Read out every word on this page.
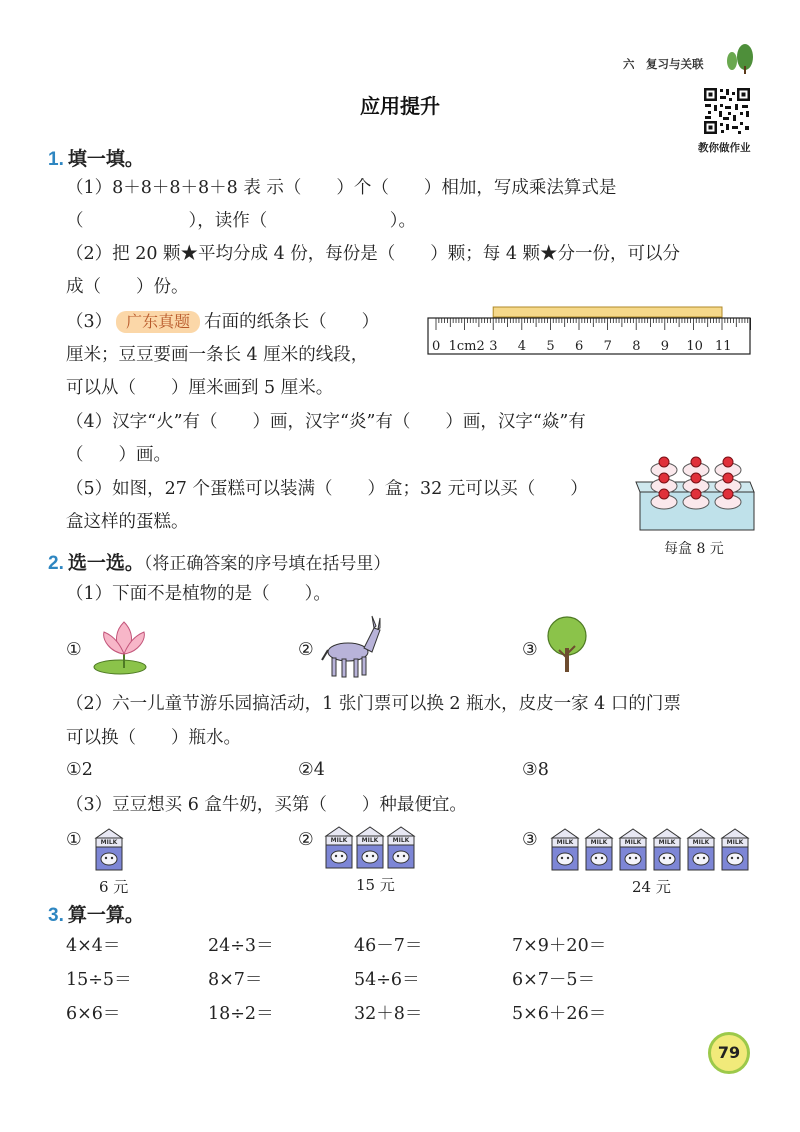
六　复习与关联
应用提升
教你做作业
1. 填一填。
（1）8＋8＋8＋8＋8 表 示（　　）个（　　）相加，写成乘法算式是
（　　　　　　），读作（　　　　　　　）。
（2）把 20 颗★平均分成 4 份，每份是（　　）颗；每 4 颗★分一份，可以分
成（　　）份。
（3） 广东真题 右面的纸条长（　　）
厘米；豆豆要画一条长 4 厘米的线段，
可以从（　　）厘米画到 5 厘米。
0 1cm2 3 4 5 6 7 8 9 10 11
（4）汉字“火”有（　　）画，汉字“炎”有（　　）画，汉字“焱”有
（　　）画。
（5）如图，27 个蛋糕可以装满（　　）盒；32 元可以买（　　）
盒这样的蛋糕。
每盒 8 元
2. 选一选。（将正确答案的序号填在括号里）
（1）下面不是植物的是（　　）。
①	②	③
（2）六一儿童节游乐园搞活动，1 张门票可以换 2 瓶水，皮皮一家 4 口的门票
可以换（　　）瓶水。
①2	②4	③8
（3）豆豆想买 6 盒牛奶，买第（　　）种最便宜。
①	②	③
MILK	MILK	MILK	MILK	MILK	MILK	MILK	MILK	MILK	MILK
6 元	15 元	24 元
3. 算一算。
4×4＝	24÷3＝	46－7＝	7×9＋20＝
15÷5＝	8×7＝	54÷6＝	6×7－5＝
6×6＝	18÷2＝	32＋8＝	5×6＋26＝
79
